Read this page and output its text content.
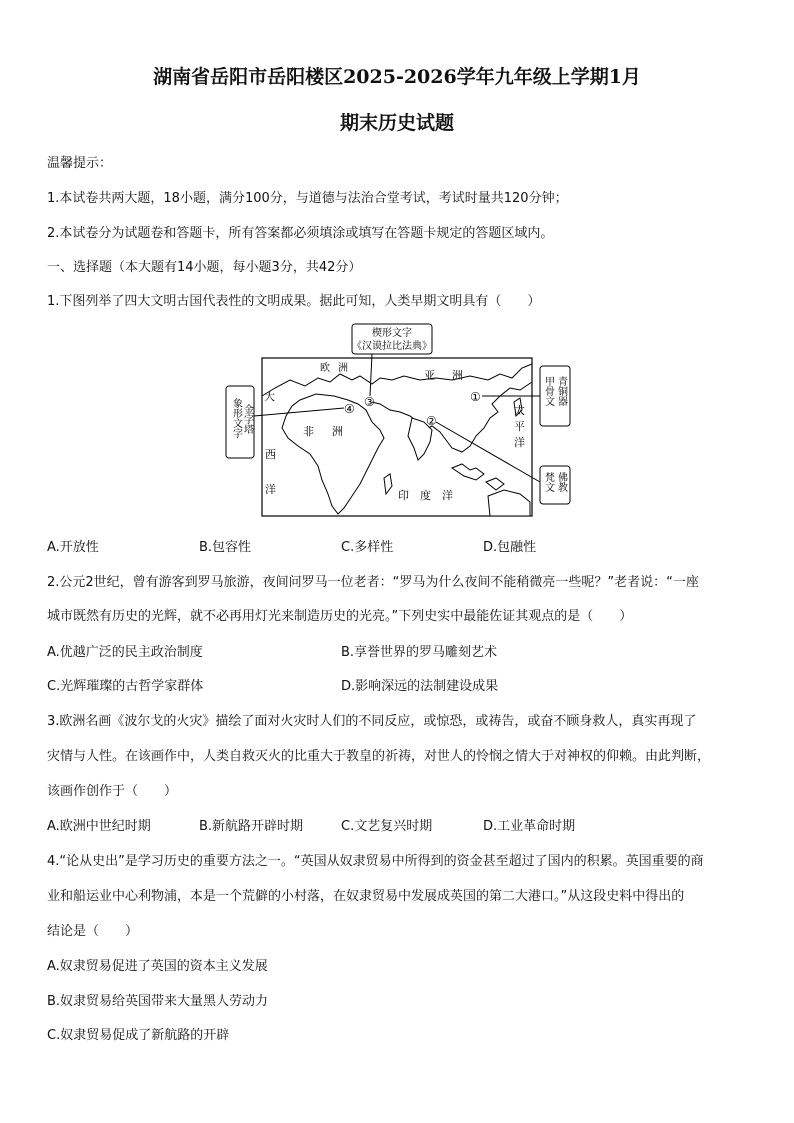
湖南省岳阳市岳阳楼区2025-2026学年九年级上学期1月
期末历史试题
温馨提示：
1.本试卷共两大题，18小题，满分100分，与道德与法治合堂考试，考试时量共120分钟；
2.本试卷分为试题卷和答题卡，所有答案都必须填涂或填写在答题卡规定的答题区域内。
一、选择题（本大题有14小题，每小题3分，共42分）
1.下图列举了四大文明古国代表性的文明成果。据此可知，人类早期文明具有（　　）
欧 洲
亚 洲
非 洲
大
西
洋	印　度　洋
太
平
洋
①
②
③
④
楔形文字
《汉谟拉比法典》
象形文字 金字塔
甲骨文 青铜器
梵文 佛教
A.开放性	B.包容性	C.多样性	D.包融性
2.公元2世纪，曾有游客到罗马旅游，夜间问罗马一位老者：“罗马为什么夜间不能稍微亮一些呢？”老者说：“一座
城市既然有历史的光辉，就不必再用灯光来制造历史的光亮。”下列史实中最能佐证其观点的是（　　）
A.优越广泛的民主政治制度	B.享誉世界的罗马雕刻艺术
C.光辉璀璨的古哲学家群体	D.影响深远的法制建设成果
3.欧洲名画《波尔戈的火灾》描绘了面对火灾时人们的不同反应，或惊恐，或祷告，或奋不顾身救人，真实再现了
灾情与人性。在该画作中，人类自救灭火的比重大于教皇的祈祷，对世人的怜悯之情大于对神权的仰赖。由此判断，
该画作创作于（　　）
A.欧洲中世纪时期	B.新航路开辟时期	C.文艺复兴时期	D.工业革命时期
4.“论从史出”是学习历史的重要方法之一。“英国从奴隶贸易中所得到的资金甚至超过了国内的积累。英国重要的商
业和船运业中心利物浦，本是一个荒僻的小村落，在奴隶贸易中发展成英国的第二大港口。”从这段史料中得出的
结论是（　　）
A.奴隶贸易促进了英国的资本主义发展
B.奴隶贸易给英国带来大量黑人劳动力
C.奴隶贸易促成了新航路的开辟
